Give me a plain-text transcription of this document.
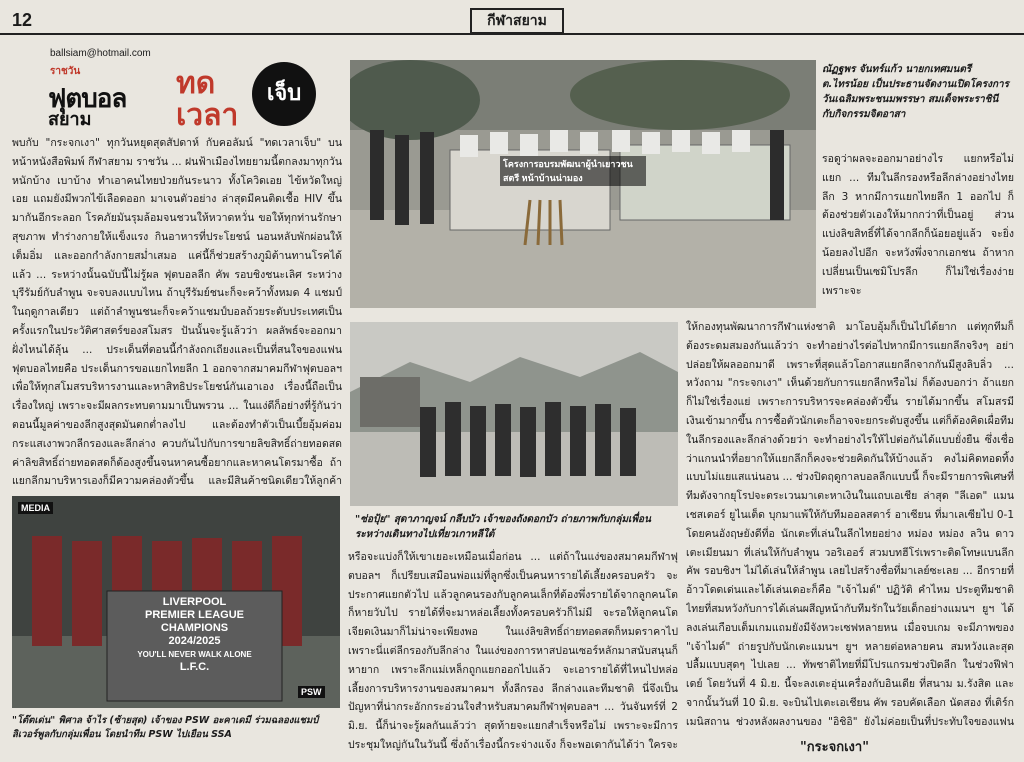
12	กีฬาสยาม
ballsiam@hotmail.com
ราชวัน
ฟุตบอล
สยาม
ทด
เวลา
เจ็บ

พบกับ "กระจกเงา" ทุกวันหยุดสุดสัปดาห์ กับคอลัมน์ "ทดเวลาเจ็บ" บนหน้าหนังสือพิมพ์ กีฬาสยาม ราชวัน ... ฝนฟ้าเมืองไทยยามนี้ตกลงมาทุกวัน หนักบ้าง เบาบ้าง ทำเอาคนไทยป่วยกันระนาว ทั้งโควิดเอย ไข้หวัดใหญ่เอย แถมยังมีพวกไข้เลือดออก มาเจนตัวอย่าง ล่าสุดมีคนติดเชื้อ HIV ขึ้นมากันอีกระลอก โรคภัยมันรุมล้อมจนชวนให้หวาดหวั่น ขอให้ทุกท่านรักษาสุขภาพ ทำร่างกายให้แข็งแรง กินอาหารที่ประโยชน์ นอนหลับพักผ่อนให้เต็มอิ่ม และออกกำลังกายสม่ำเสมอ แค่นี้ก็ช่วยสร้างภูมิต้านทานโรคได้แล้ว ... ระหว่างนั้นฉบับนี้ไม่รู้ผล ฟุตบอลลีก คัพ รอบชิงชนะเลิศ ระหว่างบุรีรัมย์กับลำพูน จะจบลงแบบไหน ถ้าบุรีรัมย์ชนะก็จะคว้าทั้งหมด 4 แชมป์ในฤดูกาลเดียว แต่ถ้าลำพูนชนะก็จะคว้าแชมป์บอลถ้วยระดับประเทศเป็นครั้งแรกในประวัติศาสตร์ของสโมสร ปันนั้นจะรู้แล้วว่า ผลลัพธ์จะออกมาฝั่งไหนได้ลุ้น ... ประเด็นที่ตอนนี้กำลังถกเถียงและเป็นที่สนใจของแฟนฟุตบอลไทยคือ ประเด็นการขอแยกไทยลีก 1 ออกจากสมาคมกีฬาฟุตบอลฯ เพื่อให้ทุกสโมสรบริหารงานและหาสิทธิประโยชน์กันเอาเอง เรื่องนี้ถือเป็นเรื่องใหญ่ เพราะจะมีผลกระทบตามมาเป็นพรวน ... ในแง่ดีก็อย่างที่รู้กันว่า ตอนนี้มูลค่าของลีกสูงสุดมันตกต่ำลงไป และต้องทำตัวเป็นเบี้ยอุ้มค่อม กระแสเงาพวกลีกรองและลีกล่าง ควบกันไปกับการขายลิขสิทธิ์ถ่ายทอดสด ค่าลิขสิทธิ์ถ่ายทอดสดก็ต้องสูงขึ้นจนหาคนซื้อยากและหาคนโตรมาซื้อ ถ้าแยกลีกมาบริหารเองก็มีความคล่องตัวขึ้น และมีสินค้าชนิดเดียวให้ลูกค้า

โครงการอบรมพัฒนาผู้นำเยาวชนสตรี หน้าบ้านน่ามอง
ณัฏฐพร จันทร์แก้ว นายกเทศมนตรี ต.ไทรน้อย เป็นประธานจัดงานเปิดโครงการวันเฉลิมพระชนมพรรษา สมเด็จพระราชินี กับกิจกรรมจิตอาสา

รอดูว่าผลจะออกมาอย่างไร แยกหรือไม่แยก ... ทีมในลีกรองหรือลีกล่างอย่างไทยลีก 3 หากมีการแยกไทยลีก 1 ออกไป ก็ต้องช่วยตัวเองให้มากกว่าที่เป็นอยู่ ส่วนแบ่งลิขสิทธิ์ที่ได้จากลีกก็น้อยอยู่แล้ว จะยิ่งน้อยลงไปอีก จะหวังพึ่งจากเอกชน ถ้าหากเปลี่ยนเป็นเซมิโปรลีก ก็ไม่ใช่เรื่องง่าย เพราะจะ

"ซ่อปุ้ย" สุดาภาญจน์ กลีบบัว เจ้าของถังดอกบัว ถ่ายภาพกับกลุ่มเพื่อนระหว่างเดินทางไปเที่ยวเกาหลีใต้

หรือจะแบ่งก็ให้เขาเยอะเหมือนเมื่อก่อน ... แต่ถ้าในแง่ของสมาคมกีฬาฟุตบอลฯ ก็เปรียบเสมือนพ่อแม่ที่ลูกซึ่งเป็นคนหารายได้เลี้ยงครอบครัว จะประกาศแยกตัวไป แล้วลูกคนรองกับลูกคนเล็กที่ต้องพึ่งรายได้จากลูกคนโต ก็หายวับไป รายได้ที่จะมาหล่อเลี้ยงทั้งครอบครัวก็ไม่มี จะรอให้ลูกคนโตเจียดเงินมาก็ไม่น่าจะเพียงพอ ในแง่ลิขสิทธิ์ถ่ายทอดสดก็หมดราคาไป เพราะนี่แต่ลีกรองกับลีกล่าง ในแง่ของการหาสปอนเซอร์หลักมาสนับสนุนก็หายาก เพราะลีกแม่เหล็กถูกแยกออกไปแล้ว จะเอารายได้ที่ไหนไปหล่อเลี้ยงการบริหารงานของสมาคมฯ ทั้งลีกรอง ลีกล่างและทีมชาติ นี่จึงเป็นปัญหาที่น่ากระอักกระอ่วนใจสำหรับสมาคมกีฬาฟุตบอลฯ ... วันจันทร์ที่ 2 มิ.ย. นี้ก็น่าจะรู้ผลกันแล้วว่า สุดท้ายจะแยกสำเร็จหรือไม่ เพราะจะมีการประชุมใหญ่กันในวันนี้ ซึ่งถ้าเรื่องนี้กระจ่างแจ้ง ก็จะพอเดากันได้ว่า ใครจะ

ให้กองทุนพัฒนาการกีฬาแห่งชาติ มาโอบอุ้มก็เป็นไปได้ยาก แต่ทุกทีมก็ต้องระดมสมองกันแล้วว่า จะทำอย่างไรต่อไปหากมีการแยกลีกจริงๆ อย่าปล่อยให้ผลออกมาดี เพราะที่สุดแล้วโอกาสแยกลีกจากกันมีสูงลิบลิ่ว ... หวังถาม "กระจกเงา" เห็นด้วยกับการแยกลีกหรือไม่ ก็ต้องบอกว่า ถ้าแยกก็ไม่ใช่เรื่องแย่ เพราะการบริหารจะคล่องตัวขึ้น รายได้มากขึ้น สโมสรมีเงินเข้ามากขึ้น การซื้อตัวนักเตะก็อาจจะยกระดับสูงขึ้น แต่ก็ต้องคิดเผื่อทีมในลีกรองและลีกล่างด้วยว่า จะทำอย่างไรให้ไปต่อกันได้แบบยั่งยืน ซึ่งเชื่อว่าแกนนำที่อยากให้แยกลีกก็คงจะช่วยคิดกันให้บ้างแล้ว คงไม่คิดทอดทิ้งแบบไม่แยแสแน่นอน ... ช่วงปิดฤดูกาลบอลลีกแบบนี้ ก็จะมีรายการพิเศษที่ทีมดังจากยุโรปจะตระเวนมาเตะหาเงินในแถบเอเชีย ล่าสุด "ลีเอด" แมนเชสเตอร์ ยูไนเต็ด บุกมาแพ้ให้กับทีมออลสตาร์ อาเซียน ที่มาเลเซียไป 0-1 โดยคนอังฤษยังดีที่อ นักเตะที่เล่นในลีกไทยอย่าง หม่อง หม่อง ลวิน ดาวเตะเมียนมา ที่เล่นให้กับลำพูน วอริเออร์ สวมบทฮีโร่เพราะติดโทษแบนลีก คัพ รอบชิงฯ ไม่ได้เล่นให้ลำพูน เลยไปสร้างชื่อที่มาเลย์ซะเลย ... อีกรายที่อ้าวโดดเด่นและได้เล่นเดอะก็คือ "เจ้าไมด์" ปฏิวัติ คำไหม ประตูทีมชาติไทยที่สมหวังกับการได้เล่นผสีญหน้ากับทีมรักในวัยเด็กอย่างแมนฯ ยูฯ ได้ลงเล่นเกือบเต็มเกมแถมยังมีจังหวะเซฟหลายหน เมื่อจบเกม จะมีภาพของ "เจ้าไมด์" ถ่ายรูปกับนักเตะแมนฯ ยูฯ หลายต่อหลายคน สมหวังและสุดปลื้มแบบสุดๆ ไปเลย ... ทัพชาติไทยที่มีโปรแกรมช่วงปิดลีก ในช่วงฟีฟ่าเดย์ โดยวันที่ 4 มิ.ย. นี้จะลงเตะอุ่นเครื่องกับอินเดีย ที่สนาม ม.รังสิต และจากนั้นวันที่ 10 มิ.ย. จะบินไปเตะเอเชียน คัพ รอบคัดเลือก นัดสอง ที่เติร์กเมนิสถาน ช่วงหลังผลงานของ "อิชิอิ" ยังไม่ค่อยเป็นที่ประทับใจของแฟน

MEDIA
PSW
LIVERPOOL
PREMIER LEAGUE
CHAMPIONS
2024/2025
YOU'LL NEVER WALK ALONE
L.F.C.
"โต๊ตเด่น" พิศาล จ้าไร (ซ้ายสุด) เจ้าของ PSW อะคาเดมี ร่วมฉลองแชมป์ลิเวอร์พูลกับกลุ่มเพื่อน โดยนำทีม PSW ไปเยือน SSA
"กระจกเงา"
